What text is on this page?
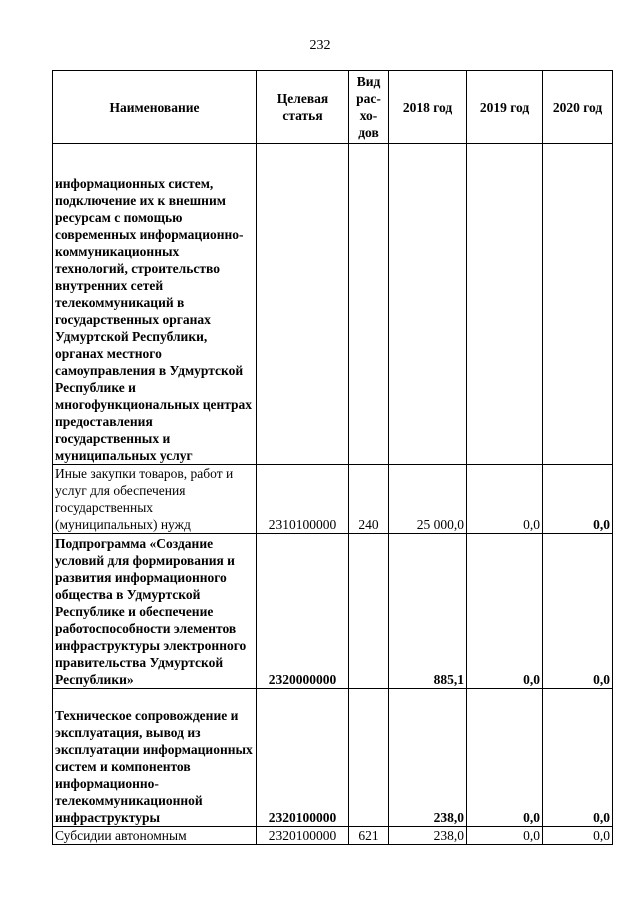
232
Наименование	Целевая статья	Вид рас-хо-дов	2018 год	2019 год	2020 год
информационных систем, подключение их к внешним ресурсам с помощью современных информационно-коммуникационных технологий, строительство внутренних сетей телекоммуникаций в государственных органах Удмуртской Республики, органах местного самоуправления в Удмуртской Республике и многофункциональных центрах предоставления государственных и муниципальных услуг					
Иные закупки товаров, работ и услуг для обеспечения государственных (муниципальных) нужд	2310100000	240	25 000,0	0,0	0,0
Подпрограмма «Создание условий для формирования и развития информационного общества в Удмуртской Республике и обеспечение работоспособности элементов инфраструктуры электронного правительства Удмуртской Республики»	2320000000		885,1	0,0	0,0
Техническое сопровождение и эксплуатация, вывод из эксплуатации информационных систем и компонентов информационно-телекоммуникационной инфраструктуры	2320100000		238,0	0,0	0,0
Субсидии автономным	2320100000	621	238,0	0,0	0,0
